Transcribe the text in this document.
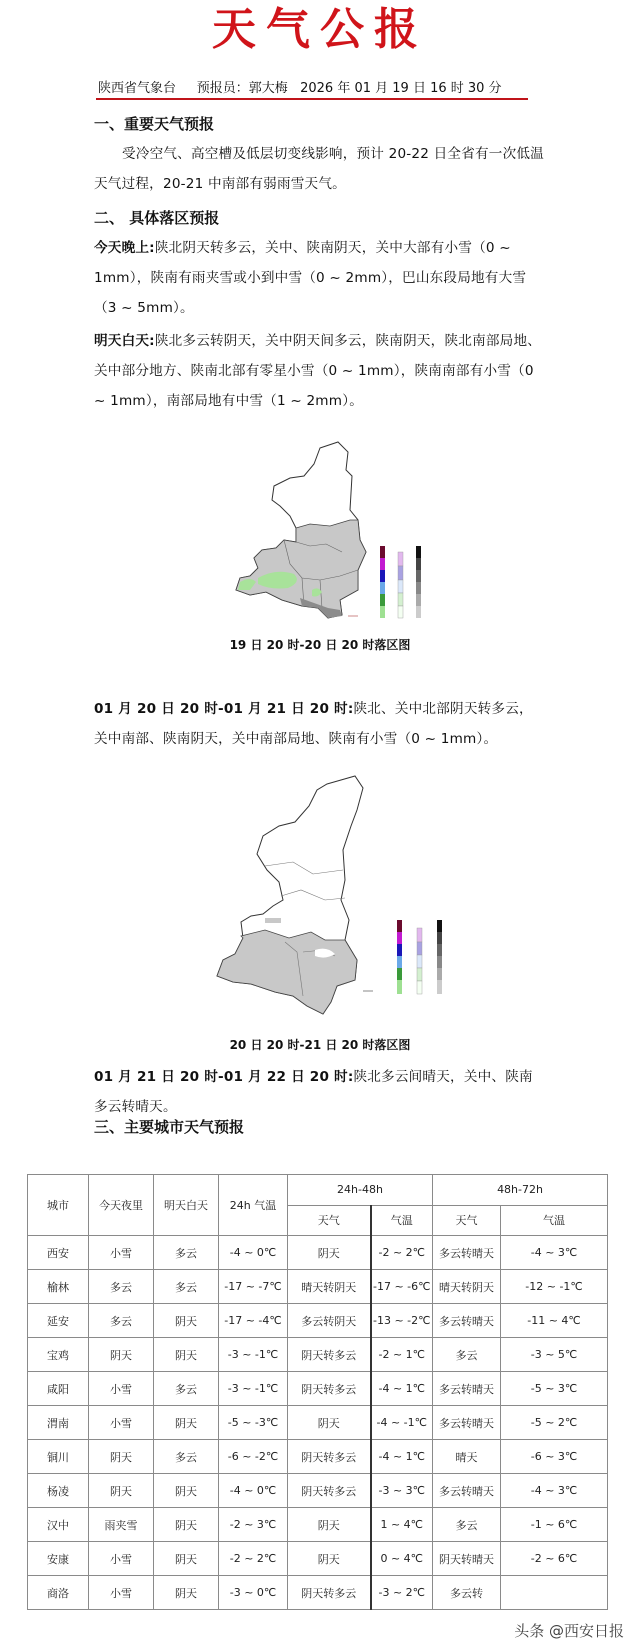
天气公报
陕西省气象台 预报员：郭大梅 2026 年 01 月 19 日 16 时 30 分
一、重要天气预报
受冷空气、高空槽及低层切变线影响，预计 20-22 日全省有一次低温天气过程，20-21 中南部有弱雨雪天气。
二、 具体落区预报
今天晚上:陕北阴天转多云，关中、陕南阴天，关中大部有小雪（0 ~ 1mm），陕南有雨夹雪或小到中雪（0 ~ 2mm），巴山东段局地有大雪（3 ~ 5mm）。
明天白天:陕北多云转阴天，关中阴天间多云，陕南阴天，陕北南部局地、关中部分地方、陕南北部有零星小雪（0 ~ 1mm），陕南南部有小雪（0 ~ 1mm），南部局地有中雪（1 ~ 2mm）。
19 日 20 时-20 日 20 时落区图
01 月 20 日 20 时-01 月 21 日 20 时:陕北、关中北部阴天转多云，关中南部、陕南阴天，关中南部局地、陕南有小雪（0 ~ 1mm）。
20 日 20 时-21 日 20 时落区图
01 月 21 日 20 时-01 月 22 日 20 时:陕北多云间晴天，关中、陕南多云转晴天。
三、主要城市天气预报
城市	今天夜里	明天白天	24h 气温	24h-48h		48h-72h	
				天气	气温	天气	气温
西安	小雪	多云	-4 ~ 0℃	阴天	-2 ~ 2℃	多云转晴天	-4 ~ 3℃
榆林	多云	多云	-17 ~ -7℃	晴天转阴天	-17 ~ -6℃	晴天转阴天	-12 ~ -1℃
延安	多云	阴天	-17 ~ -4℃	多云转阴天	-13 ~ -2℃	多云转晴天	-11 ~ 4℃
宝鸡	阴天	阴天	-3 ~ -1℃	阴天转多云	-2 ~ 1℃	多云	-3 ~ 5℃
咸阳	小雪	多云	-3 ~ -1℃	阴天转多云	-4 ~ 1℃	多云转晴天	-5 ~ 3℃
渭南	小雪	阴天	-5 ~ -3℃	阴天	-4 ~ -1℃	多云转晴天	-5 ~ 2℃
铜川	阴天	多云	-6 ~ -2℃	阴天转多云	-4 ~ 1℃	晴天	-6 ~ 3℃
杨凌	阴天	阴天	-4 ~ 0℃	阴天转多云	-3 ~ 3℃	多云转晴天	-4 ~ 3℃
汉中	雨夹雪	阴天	-2 ~ 3℃	阴天	1 ~ 4℃	多云	-1 ~ 6℃
安康	小雪	阴天	-2 ~ 2℃	阴天	0 ~ 4℃	阴天转晴天	-2 ~ 6℃
商洛	小雪	阴天	-3 ~ 0℃	阴天转多云	-3 ~ 2℃	多云转	
头条 @西安日报
